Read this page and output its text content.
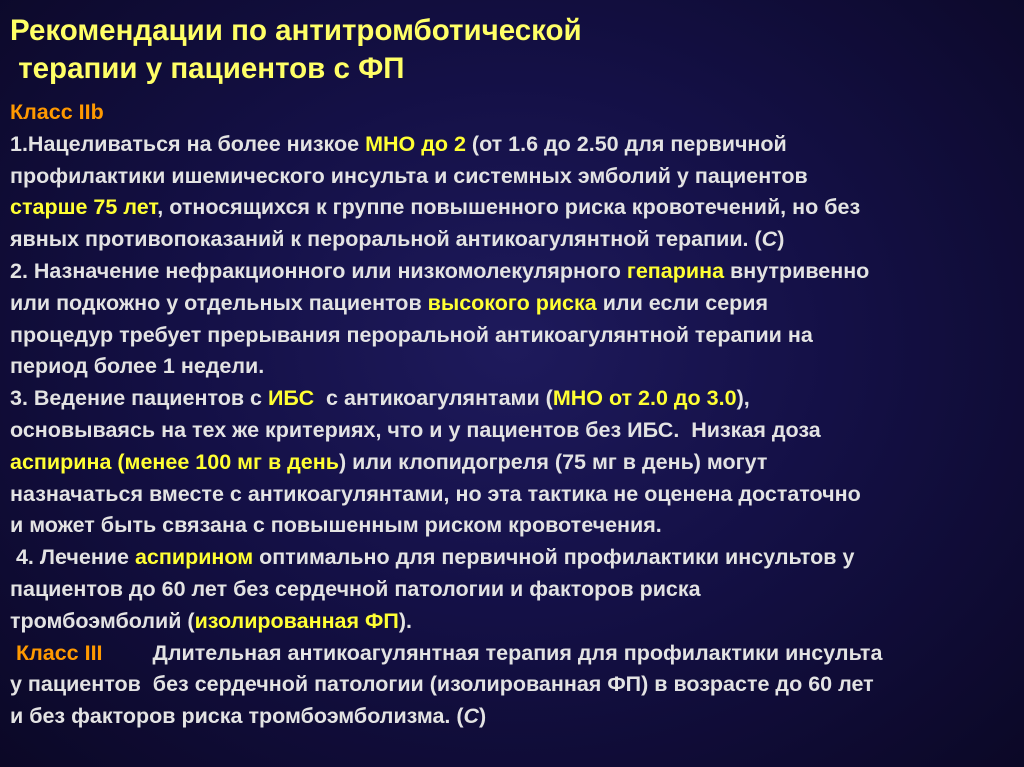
Рекомендации по антитромботической
терапии у пациентов с ФП
Класс IIb
1.Нацеливаться на более низкое МНО до 2 (от 1.6 до 2.50 для первичной
профилактики ишемического инсульта и системных эмболий у пациентов
старше 75 лет, относящихся к группе повышенного риска кровотечений, но без
явных противопоказаний к пероральной антикоагулянтной терапии. (C)
2. Назначение нефракционного или низкомолекулярного гепарина внутривенно
или подкожно у отдельных пациентов высокого риска или если серия
процедур требует прерывания пероральной антикоагулянтной терапии на
период более 1 недели.
3. Ведение пациентов с ИБС  с антикоагулянтами (МНО от 2.0 до 3.0),
основываясь на тех же критериях, что и у пациентов без ИБС.  Низкая доза
аспирина (менее 100 мг в день) или клопидогреля (75 мг в день) могут
назначаться вместе с антикоагулянтами, но эта тактика не оценена достаточно
и может быть связана с повышенным риском кровотечения.
4. Лечение аспирином оптимально для первичной профилактики инсультов у
пациентов до 60 лет без сердечной патологии и факторов риска
тромбоэмболий (изолированная ФП).
Класс III Длительная антикоагулянтная терапия для профилактики инсульта
у пациентов  без сердечной патологии (изолированная ФП) в возрасте до 60 лет
и без факторов риска тромбоэмболизма. (C)
